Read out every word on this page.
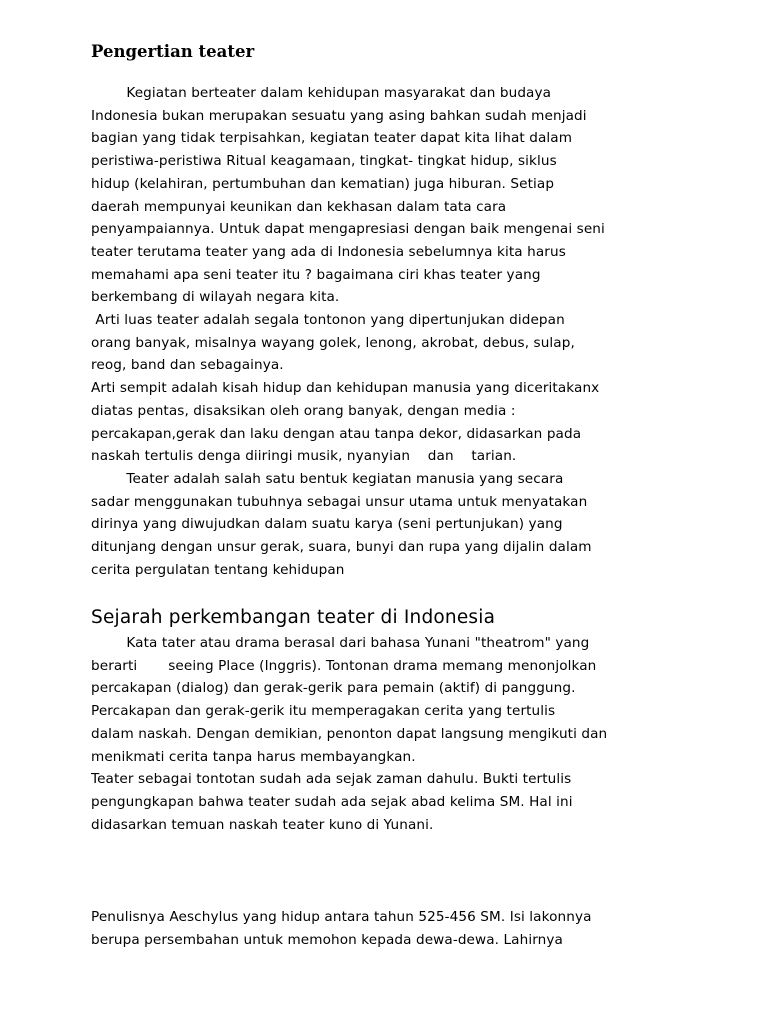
Pengertian teater
Kegiatan berteater dalam kehidupan masyarakat dan budaya
Indonesia bukan merupakan sesuatu yang asing bahkan sudah menjadi
bagian yang tidak terpisahkan, kegiatan teater dapat kita lihat dalam
peristiwa-peristiwa Ritual keagamaan, tingkat- tingkat hidup, siklus
hidup (kelahiran, pertumbuhan dan kematian) juga hiburan. Setiap
daerah mempunyai keunikan dan kekhasan dalam tata cara
penyampaiannya. Untuk dapat mengapresiasi dengan baik mengenai seni
teater terutama teater yang ada di Indonesia sebelumnya kita harus
memahami apa seni teater itu ? bagaimana ciri khas teater yang
berkembang di wilayah negara kita.
Arti luas teater adalah segala tontonon yang dipertunjukan didepan
orang banyak, misalnya wayang golek, lenong, akrobat, debus, sulap,
reog, band dan sebagainya.
Arti sempit adalah kisah hidup dan kehidupan manusia yang diceritakanx
diatas pentas, disaksikan oleh orang banyak, dengan media :
percakapan,gerak dan laku dengan atau tanpa dekor, didasarkan pada
naskah tertulis denga diiringi musik, nyanyian    dan    tarian.
Teater adalah salah satu bentuk kegiatan manusia yang secara
sadar menggunakan tubuhnya sebagai unsur utama untuk menyatakan
dirinya yang diwujudkan dalam suatu karya (seni pertunjukan) yang
ditunjang dengan unsur gerak, suara, bunyi dan rupa yang dijalin dalam
cerita pergulatan tentang kehidupan
Sejarah perkembangan teater di Indonesia
Kata tater atau drama berasal dari bahasa Yunani "theatrom" yang
berarti       seeing Place (Inggris). Tontonan drama memang menonjolkan
percakapan (dialog) dan gerak-gerik para pemain (aktif) di panggung.
Percakapan dan gerak-gerik itu memperagakan cerita yang tertulis
dalam naskah. Dengan demikian, penonton dapat langsung mengikuti dan
menikmati cerita tanpa harus membayangkan.
Teater sebagai tontotan sudah ada sejak zaman dahulu. Bukti tertulis
pengungkapan bahwa teater sudah ada sejak abad kelima SM. Hal ini
didasarkan temuan naskah teater kuno di Yunani.
Penulisnya Aeschylus yang hidup antara tahun 525-456 SM. Isi lakonnya
berupa persembahan untuk memohon kepada dewa-dewa. Lahirnya
